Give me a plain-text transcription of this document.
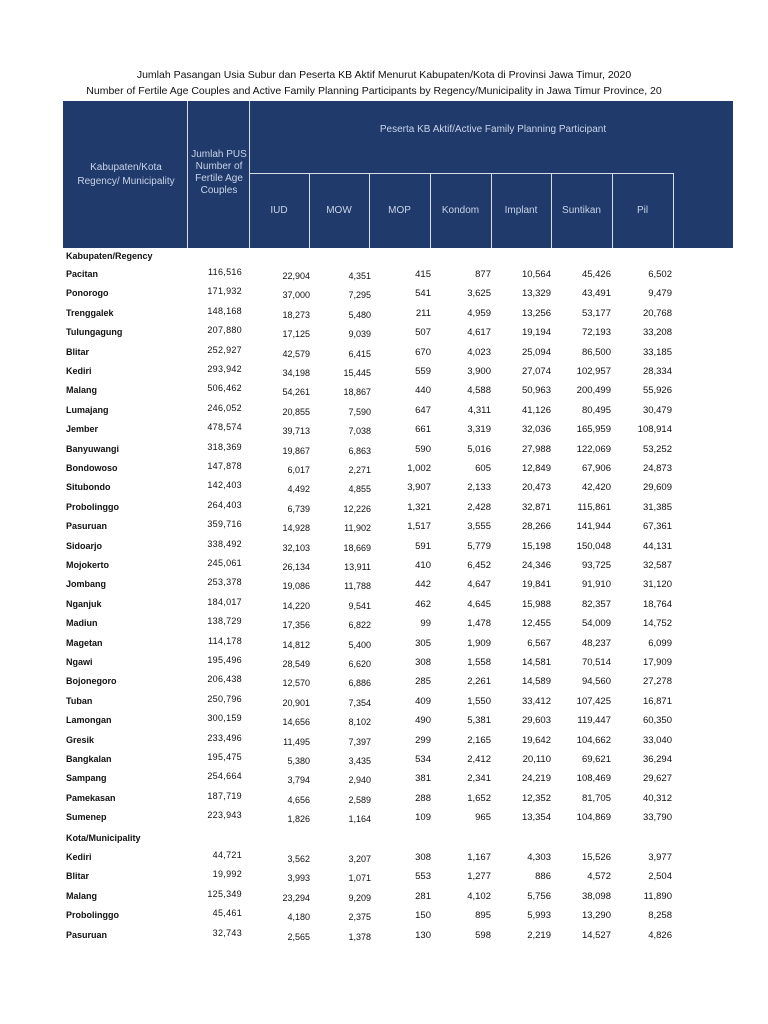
Jumlah Pasangan Usia Subur dan Peserta KB Aktif Menurut Kabupaten/Kota di Provinsi Jawa Timur, 2020
Number of Fertile Age Couples and Active Family Planning Participants by Regency/Municipality in Jawa Timur Province, 20
Kabupaten/Kota Regency/ Municipality
Jumlah PUS Number of Fertile Age Couples
Peserta KB Aktif/Active Family Planning Participant
IUD	MOW	MOP	Kondom	Implant	Suntikan	Pil
Kabupaten/Regency
Pacitan	116,516	22,904	4,351	415	877	10,564	45,426	6,502
Ponorogo	171,932	37,000	7,295	541	3,625	13,329	43,491	9,479
Trenggalek	148,168	18,273	5,480	211	4,959	13,256	53,177	20,768
Tulungagung	207,880	17,125	9,039	507	4,617	19,194	72,193	33,208
Blitar	252,927	42,579	6,415	670	4,023	25,094	86,500	33,185
Kediri	293,942	34,198	15,445	559	3,900	27,074	102,957	28,334
Malang	506,462	54,261	18,867	440	4,588	50,963	200,499	55,926
Lumajang	246,052	20,855	7,590	647	4,311	41,126	80,495	30,479
Jember	478,574	39,713	7,038	661	3,319	32,036	165,959	108,914
Banyuwangi	318,369	19,867	6,863	590	5,016	27,988	122,069	53,252
Bondowoso	147,878	6,017	2,271	1,002	605	12,849	67,906	24,873
Situbondo	142,403	4,492	4,855	3,907	2,133	20,473	42,420	29,609
Probolinggo	264,403	6,739	12,226	1,321	2,428	32,871	115,861	31,385
Pasuruan	359,716	14,928	11,902	1,517	3,555	28,266	141,944	67,361
Sidoarjo	338,492	32,103	18,669	591	5,779	15,198	150,048	44,131
Mojokerto	245,061	26,134	13,911	410	6,452	24,346	93,725	32,587
Jombang	253,378	19,086	11,788	442	4,647	19,841	91,910	31,120
Nganjuk	184,017	14,220	9,541	462	4,645	15,988	82,357	18,764
Madiun	138,729	17,356	6,822	99	1,478	12,455	54,009	14,752
Magetan	114,178	14,812	5,400	305	1,909	6,567	48,237	6,099
Ngawi	195,496	28,549	6,620	308	1,558	14,581	70,514	17,909
Bojonegoro	206,438	12,570	6,886	285	2,261	14,589	94,560	27,278
Tuban	250,796	20,901	7,354	409	1,550	33,412	107,425	16,871
Lamongan	300,159	14,656	8,102	490	5,381	29,603	119,447	60,350
Gresik	233,496	11,495	7,397	299	2,165	19,642	104,662	33,040
Bangkalan	195,475	5,380	3,435	534	2,412	20,110	69,621	36,294
Sampang	254,664	3,794	2,940	381	2,341	24,219	108,469	29,627
Pamekasan	187,719	4,656	2,589	288	1,652	12,352	81,705	40,312
Sumenep	223,943	1,826	1,164	109	965	13,354	104,869	33,790
Kota/Municipality
Kediri	44,721	3,562	3,207	308	1,167	4,303	15,526	3,977
Blitar	19,992	3,993	1,071	553	1,277	886	4,572	2,504
Malang	125,349	23,294	9,209	281	4,102	5,756	38,098	11,890
Probolinggo	45,461	4,180	2,375	150	895	5,993	13,290	8,258
Pasuruan	32,743	2,565	1,378	130	598	2,219	14,527	4,826
